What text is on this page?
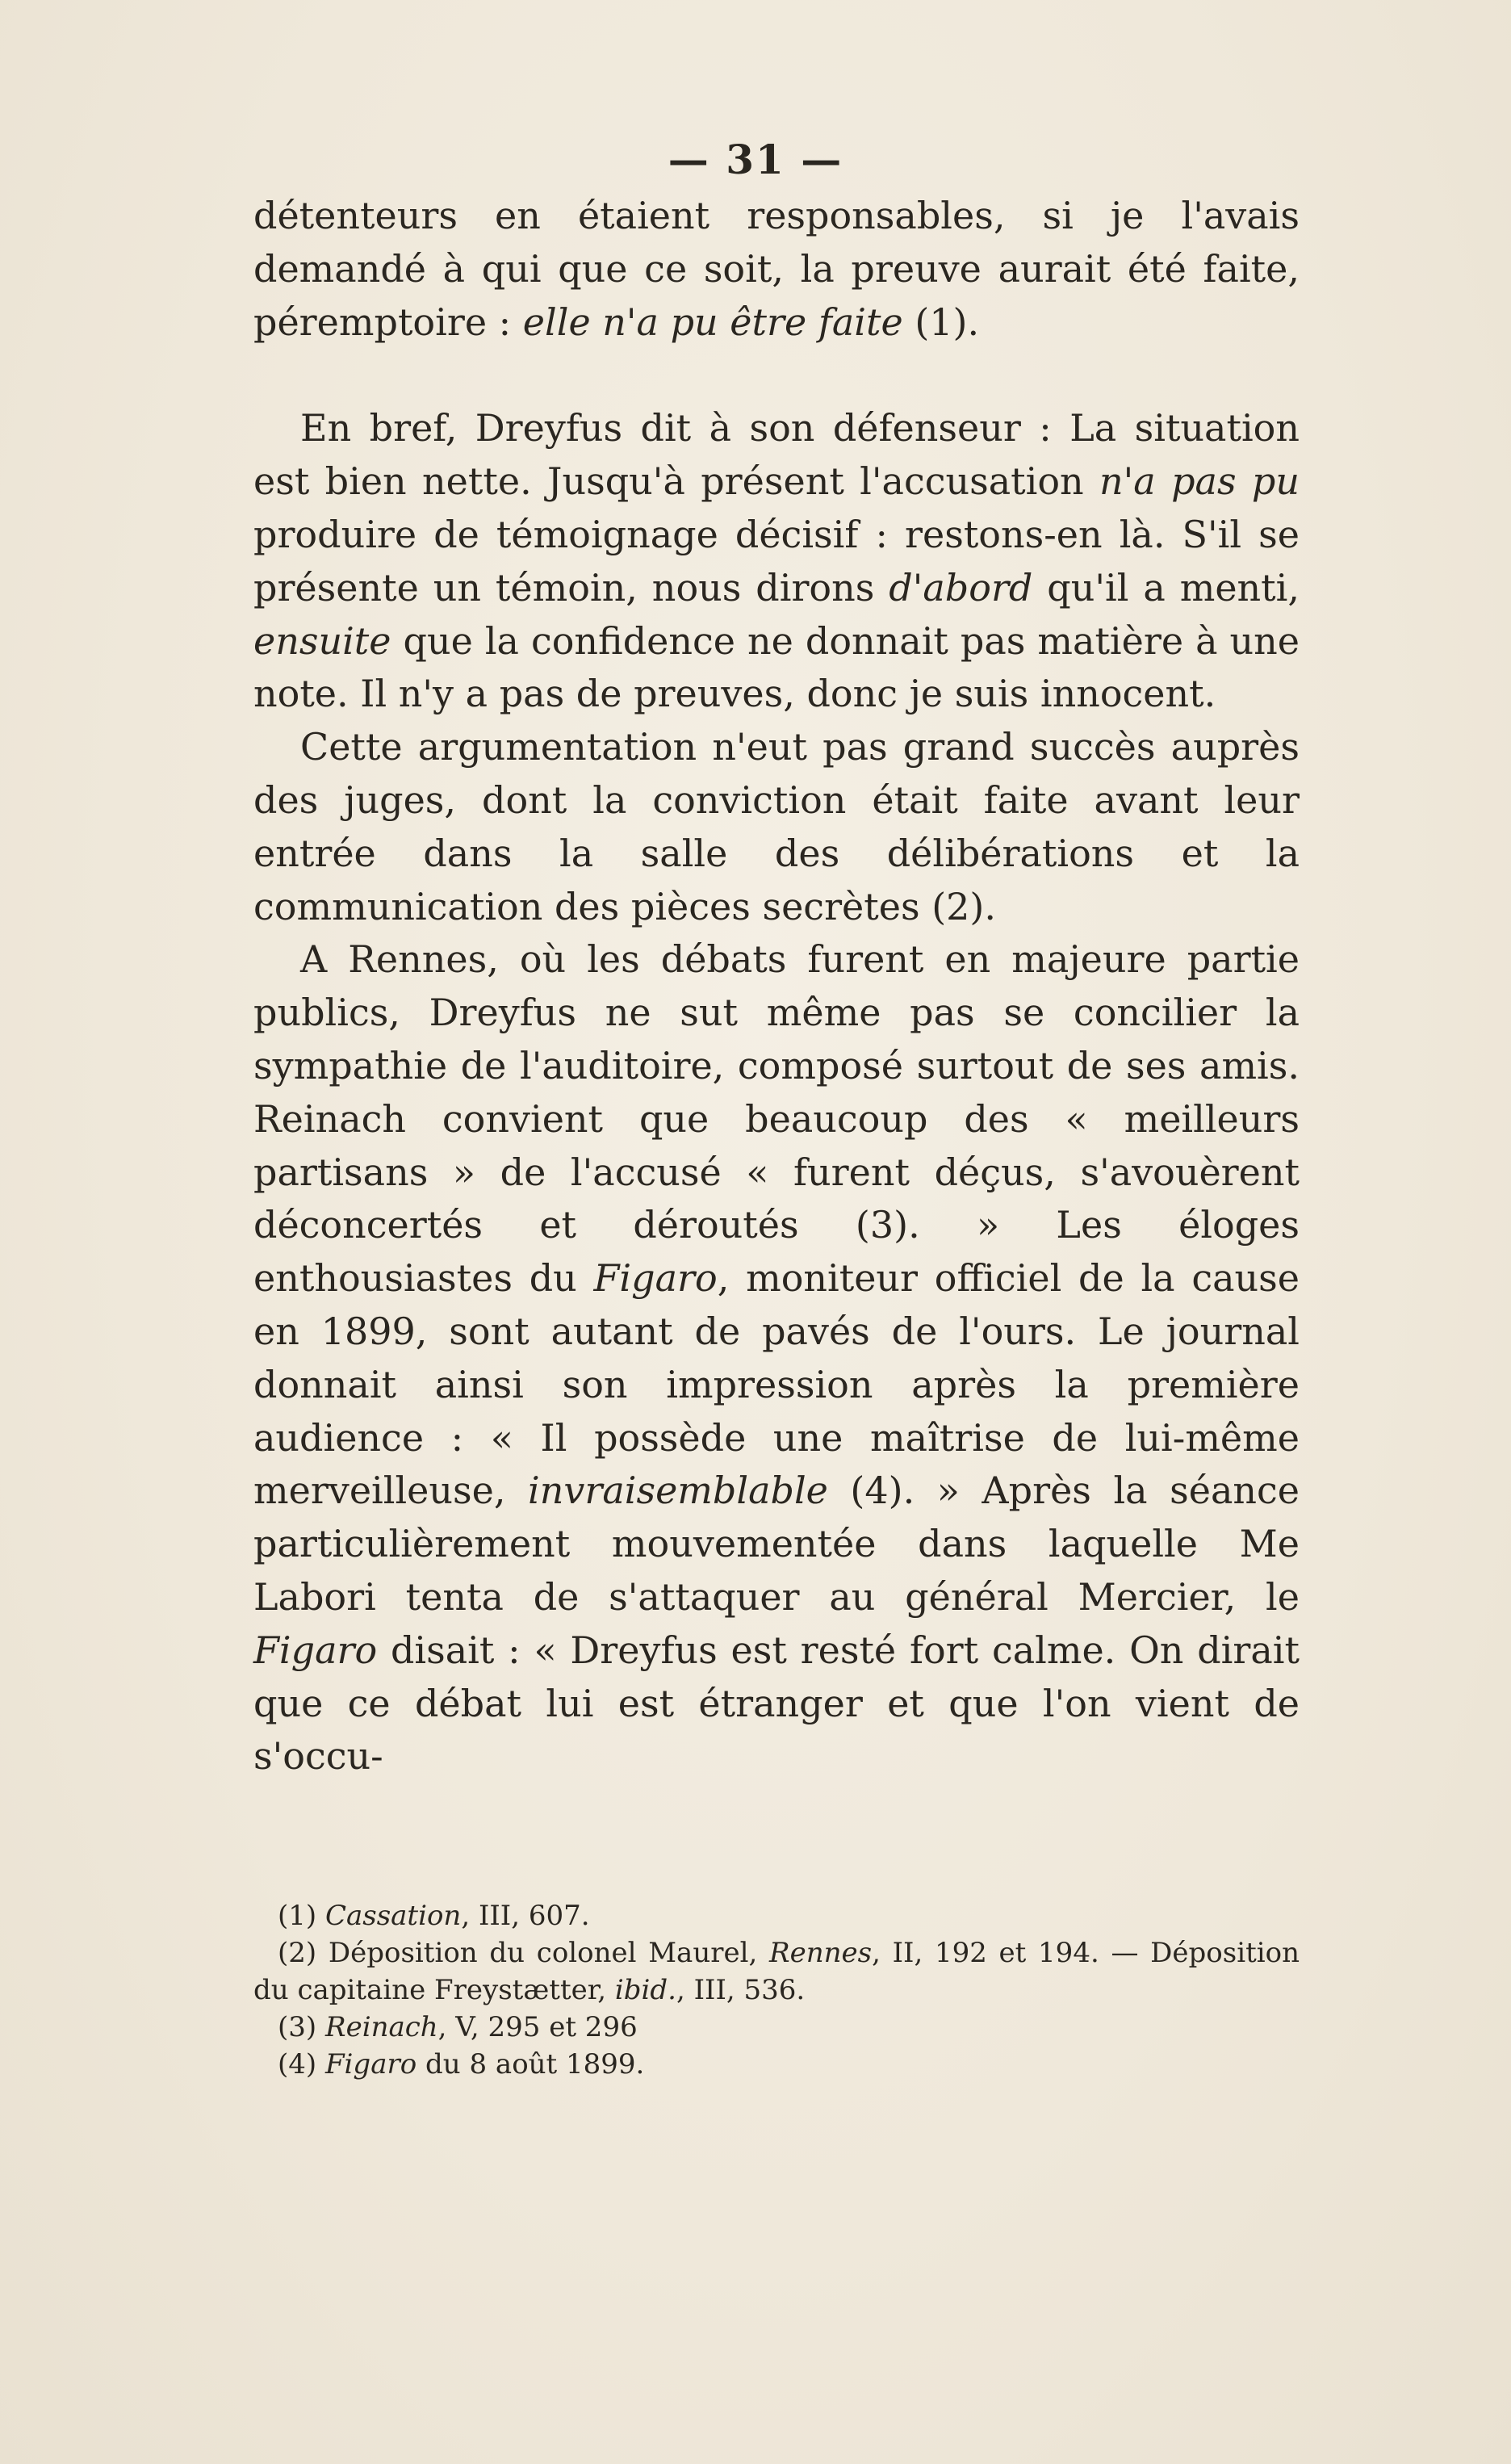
— 31 —

détenteurs en étaient responsables, si je l'avais demandé à qui que ce soit, la preuve aurait été faite, péremptoire : elle n'a pu être faite (1).

En bref, Dreyfus dit à son défenseur : La situation est bien nette. Jusqu'à présent l'accusation n'a pas pu produire de témoignage décisif : restons-en là. S'il se présente un témoin, nous dirons d'abord qu'il a menti, ensuite que la confidence ne donnait pas matière à une note. Il n'y a pas de preuves, donc je suis innocent.

Cette argumentation n'eut pas grand succès auprès des juges, dont la conviction était faite avant leur entrée dans la salle des délibérations et la communication des pièces secrètes (2).

A Rennes, où les débats furent en majeure partie publics, Dreyfus ne sut même pas se concilier la sympathie de l'auditoire, composé surtout de ses amis. Reinach convient que beaucoup des « meilleurs partisans » de l'accusé « furent déçus, s'avouèrent déconcertés et déroutés (3). » Les éloges enthousiastes du Figaro, moniteur officiel de la cause en 1899, sont autant de pavés de l'ours. Le journal donnait ainsi son impression après la première audience : « Il possède une maîtrise de lui-même merveilleuse, invraisemblable (4). » Après la séance particulièrement mouvementée dans laquelle Me Labori tenta de s'attaquer au général Mercier, le Figaro disait : « Dreyfus est resté fort calme. On dirait que ce débat lui est étranger et que l'on vient de s'occu-

(1) Cassation, III, 607.

(2) Déposition du colonel Maurel, Rennes, II, 192 et 194. — Déposition du capitaine Freystætter, ibid., III, 536.

(3) Reinach, V, 295 et 296

(4) Figaro du 8 août 1899.
